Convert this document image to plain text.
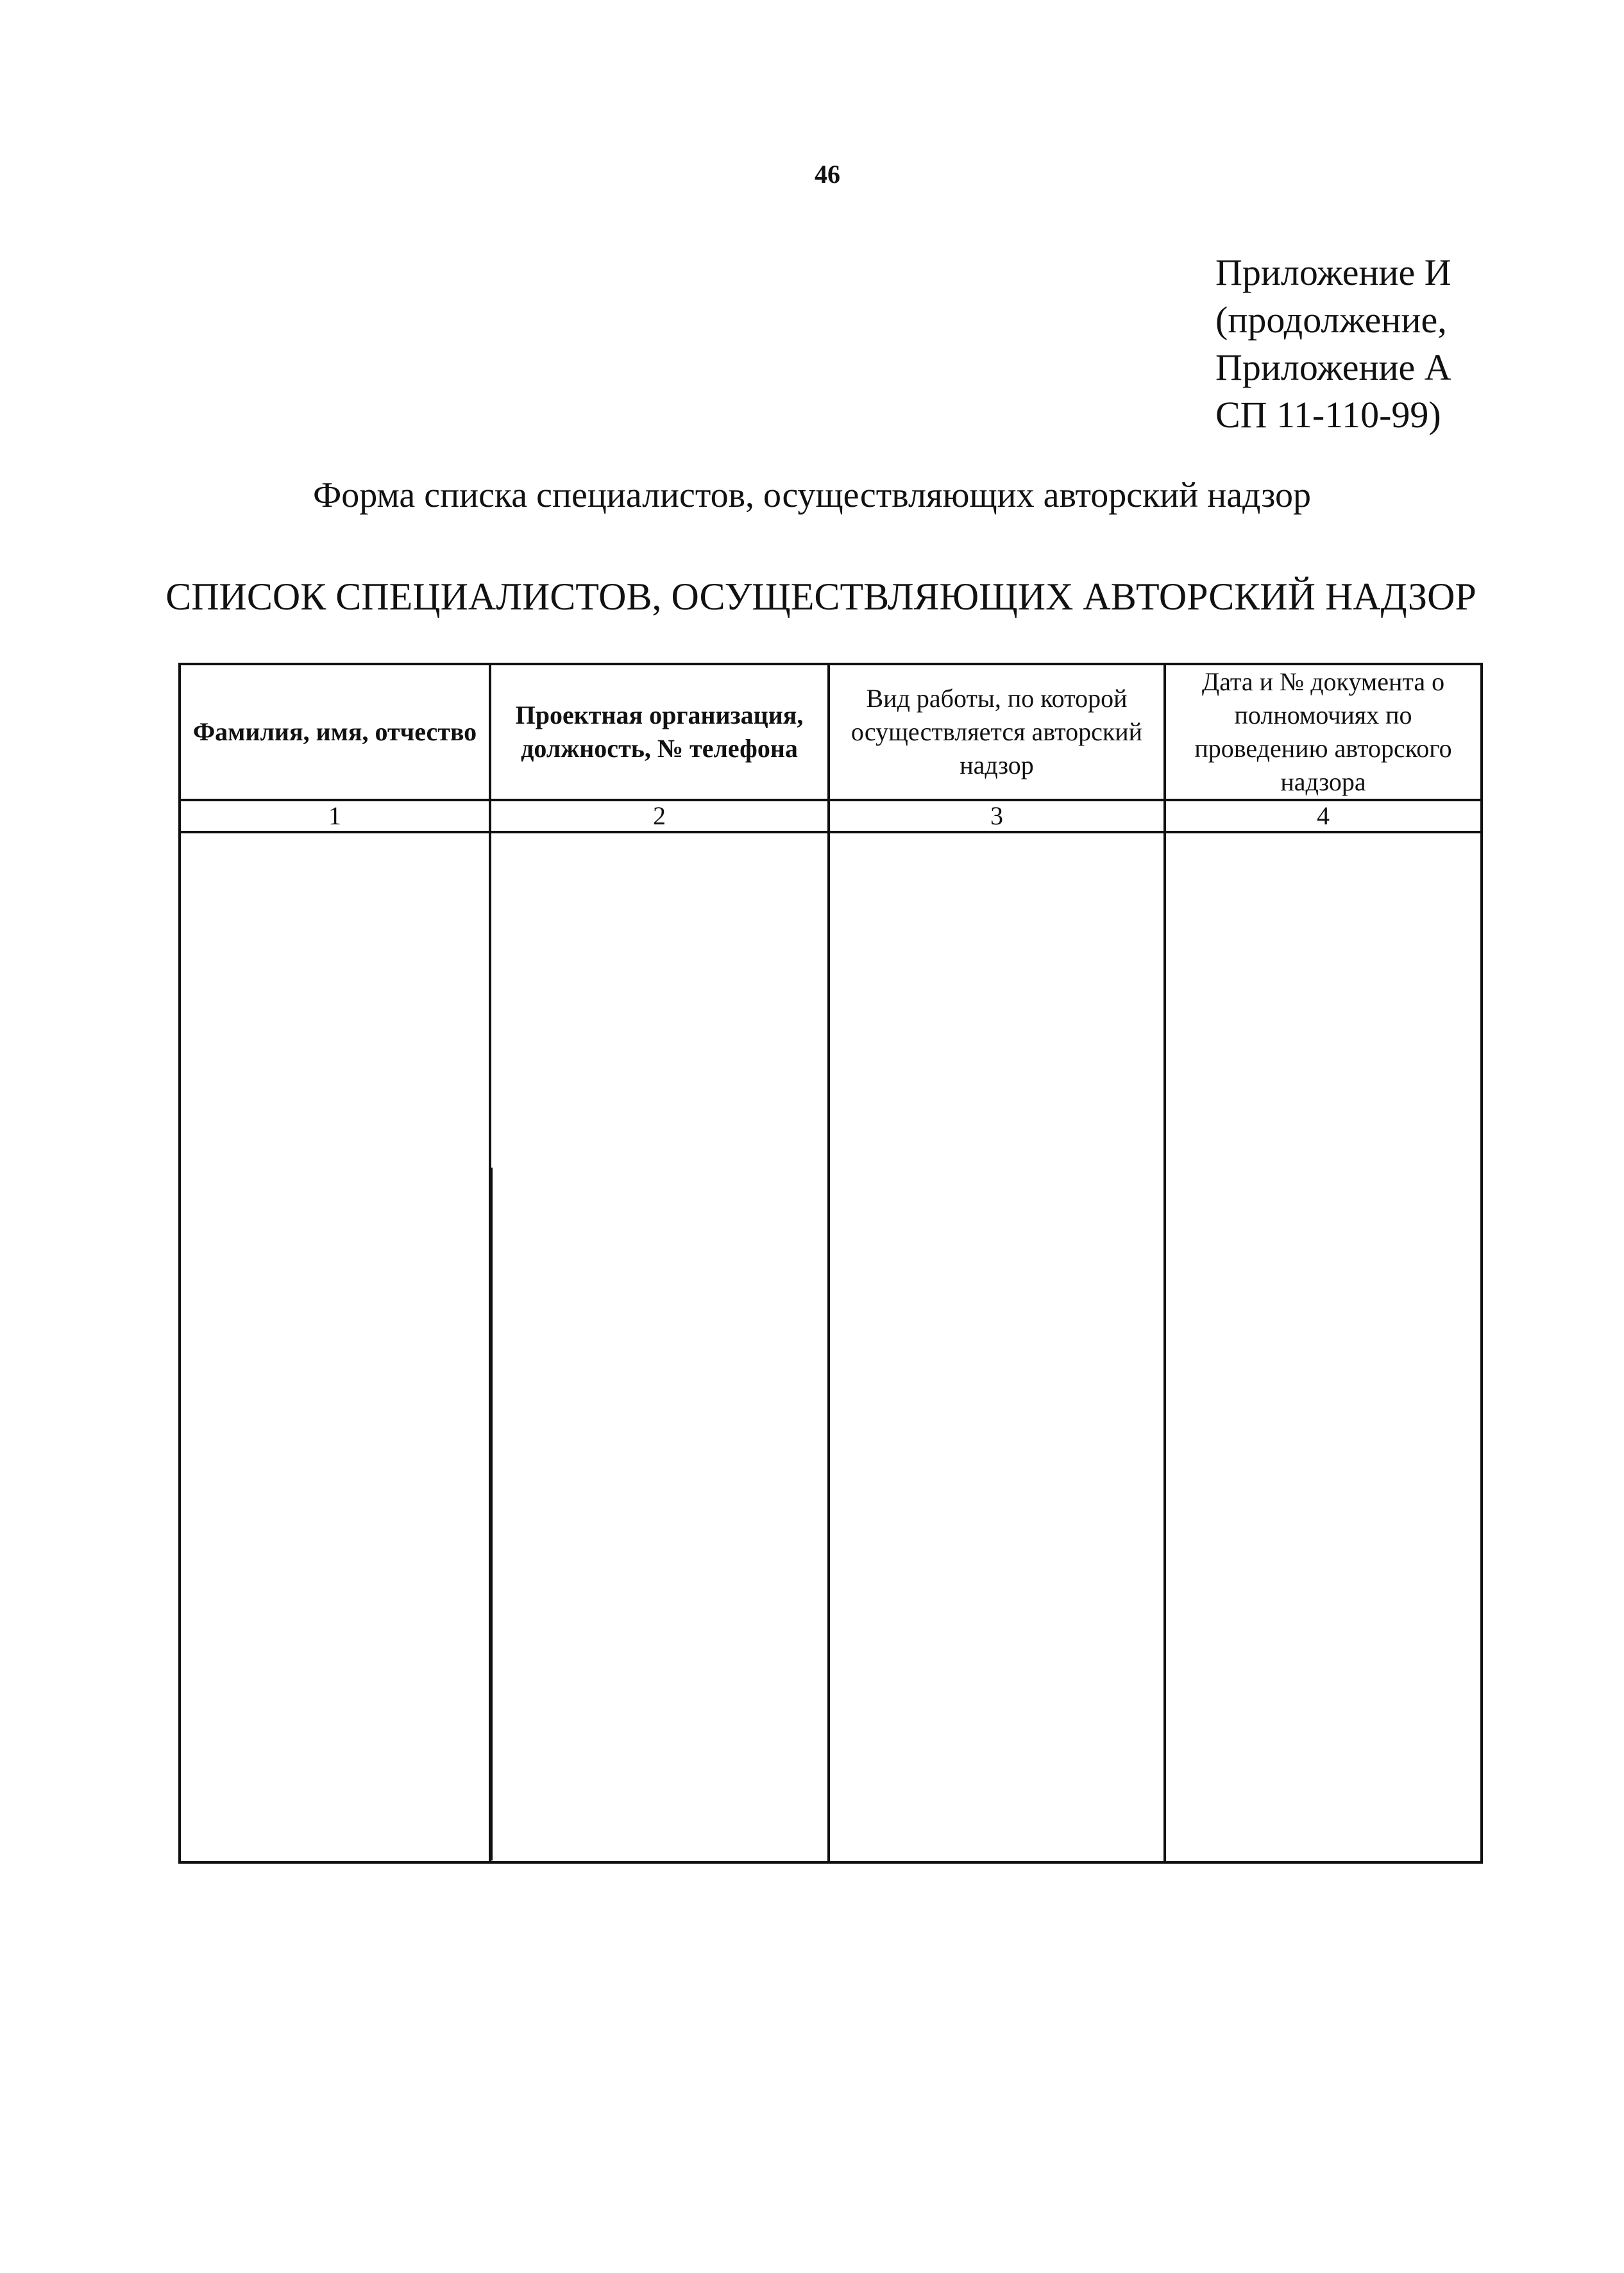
46
Приложение И
(продолжение,
Приложение А
СП 11-110-99)
Форма списка специалистов, осуществляющих авторский надзор
СПИСОК СПЕЦИАЛИСТОВ, ОСУЩЕСТВЛЯЮЩИХ АВТОРСКИЙ НАДЗОР
Фамилия, имя, отчество	Проектная организация, должность, № телефона	Вид работы, по которой осуществляется авторский надзор	Дата и № документа о полномочиях по проведению авторского надзора
1	2	3	4
